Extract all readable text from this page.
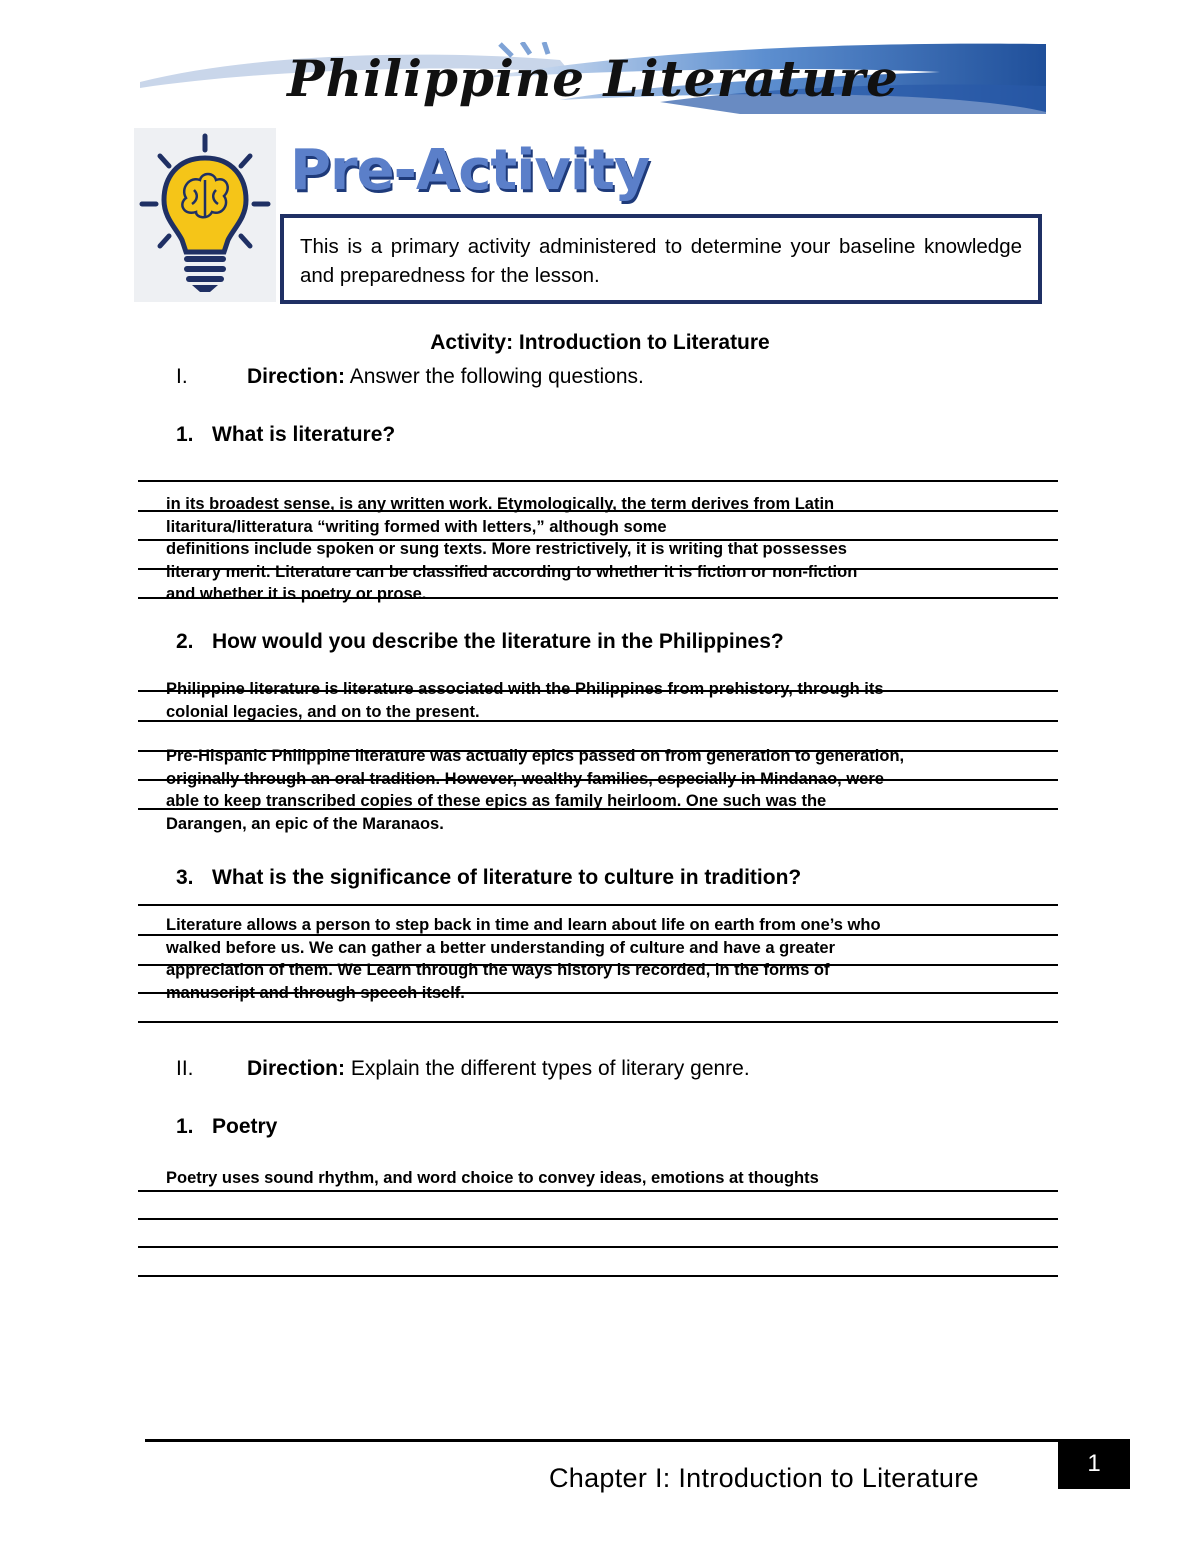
Philippine Literature
Pre-Activity
This is a primary activity administered to determine your baseline knowledge and preparedness for the lesson.
Activity: Introduction to Literature
I.	Direction: Answer the following questions.
1. What is literature?
in its broadest sense, is any written work. Etymologically, the term derives from Latin
litaritura/litteratura “writing formed with letters,” although some
definitions include spoken or sung texts. More restrictively, it is writing that possesses
literary merit. Literature can be classified according to whether it is fiction or non-fiction
and whether it is poetry or prose.
2. How would you describe the literature in the Philippines?
Philippine literature is literature associated with the Philippines from prehistory, through its
colonial legacies, and on to the present.
Pre-Hispanic Philippine literature was actually epics passed on from generation to generation,
originally through an oral tradition. However, wealthy families, especially in Mindanao, were
able to keep transcribed copies of these epics as family heirloom. One such was the
Darangen, an epic of the Maranaos.
3. What is the significance of literature to culture in tradition?
Literature allows a person to step back in time and learn about life on earth from one’s who
walked before us. We can gather a better understanding of culture and have a greater
appreciation of them. We Learn through the ways history is recorded, in the forms of
manuscript and through speech itself.
II.	Direction: Explain the different types of literary genre.
1. Poetry
Poetry uses sound rhythm, and word choice to convey ideas, emotions at thoughts
Chapter I: Introduction to Literature	1
